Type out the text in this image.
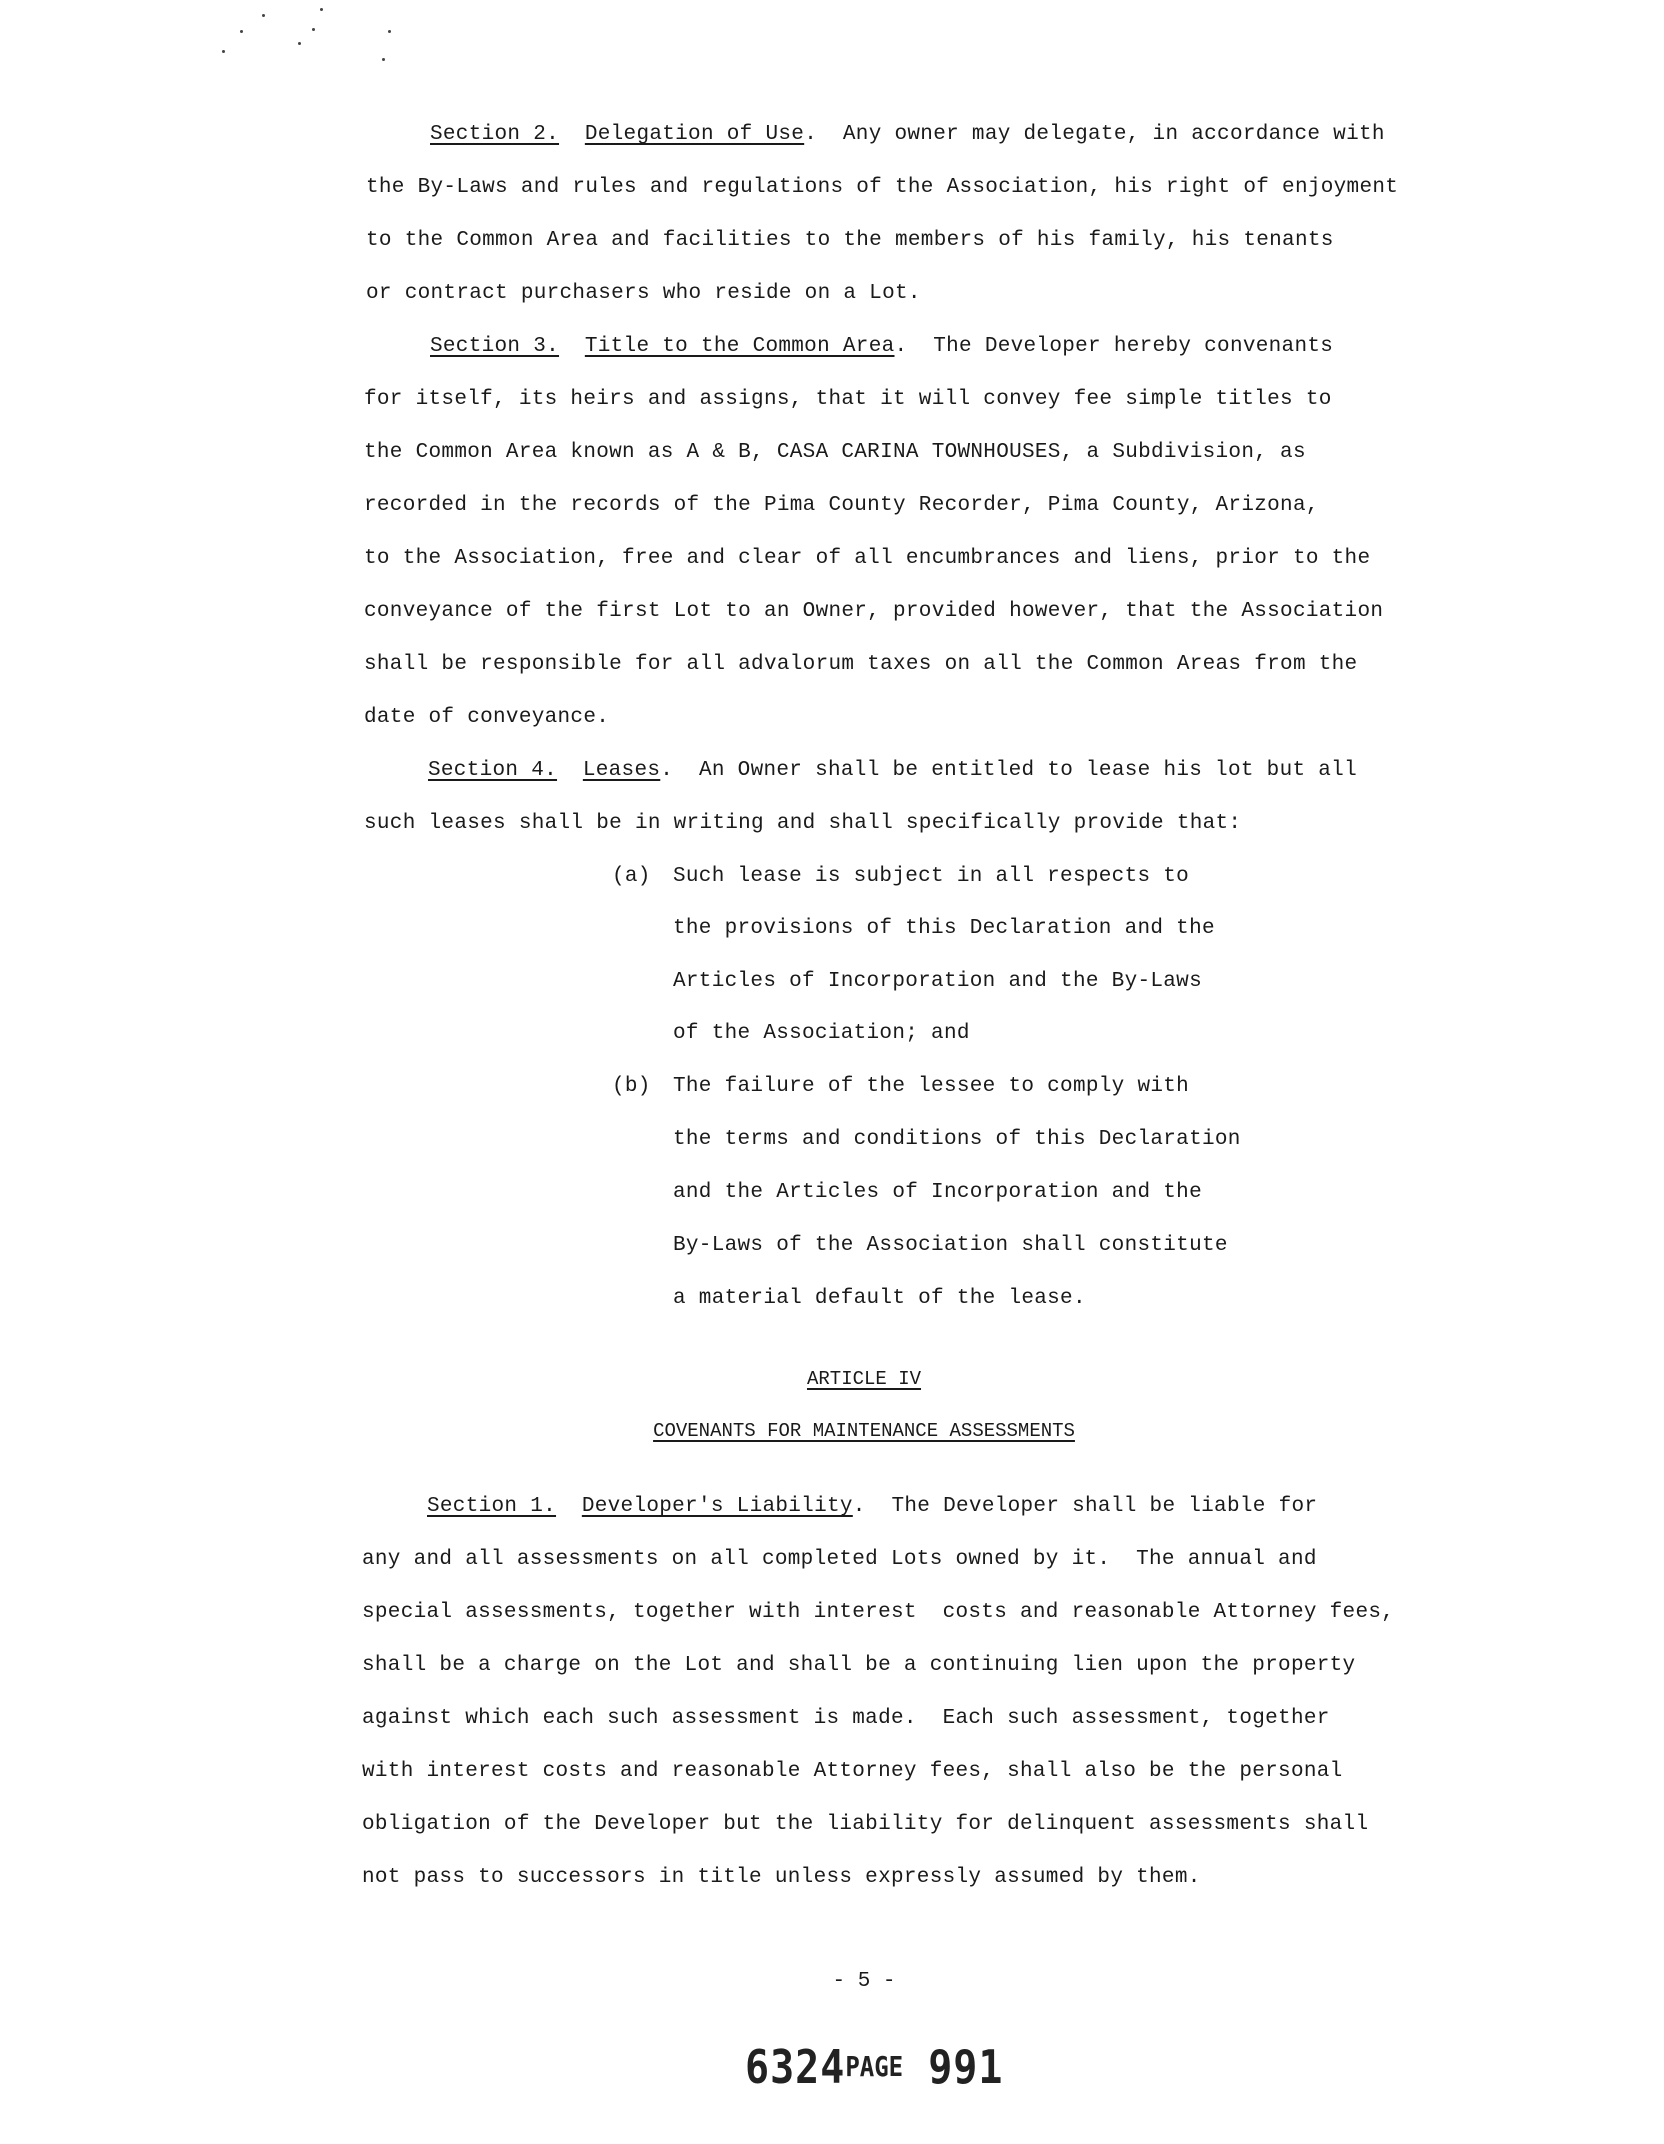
Section 2. Delegation of Use.  Any owner may delegate, in accordance with
the By-Laws and rules and regulations of the Association, his right of enjoyment
to the Common Area and facilities to the members of his family, his tenants
or contract purchasers who reside on a Lot.
Section 3. Title to the Common Area.  The Developer hereby convenants
for itself, its heirs and assigns, that it will convey fee simple titles to
the Common Area known as A & B, CASA CARINA TOWNHOUSES, a Subdivision, as
recorded in the records of the Pima County Recorder, Pima County, Arizona,
to the Association, free and clear of all encumbrances and liens, prior to the
conveyance of the first Lot to an Owner, provided however, that the Association
shall be responsible for all advalorum taxes on all the Common Areas from the
date of conveyance.
Section 4. Leases.  An Owner shall be entitled to lease his lot but all
such leases shall be in writing and shall specifically provide that:
(a) Such lease is subject in all respects to
the provisions of this Declaration and the
Articles of Incorporation and the By-Laws
of the Association; and
(b) The failure of the lessee to comply with
the terms and conditions of this Declaration
and the Articles of Incorporation and the
By-Laws of the Association shall constitute
a material default of the lease.
ARTICLE IV
COVENANTS FOR MAINTENANCE ASSESSMENTS
Section 1. Developer's Liability.  The Developer shall be liable for
any and all assessments on all completed Lots owned by it.  The annual and
special assessments, together with interest  costs and reasonable Attorney fees,
shall be a charge on the Lot and shall be a continuing lien upon the property
against which each such assessment is made.  Each such assessment, together
with interest costs and reasonable Attorney fees, shall also be the personal
obligation of the Developer but the liability for delinquent assessments shall
not pass to successors in title unless expressly assumed by them.
- 5 -
6324PAGE 991
